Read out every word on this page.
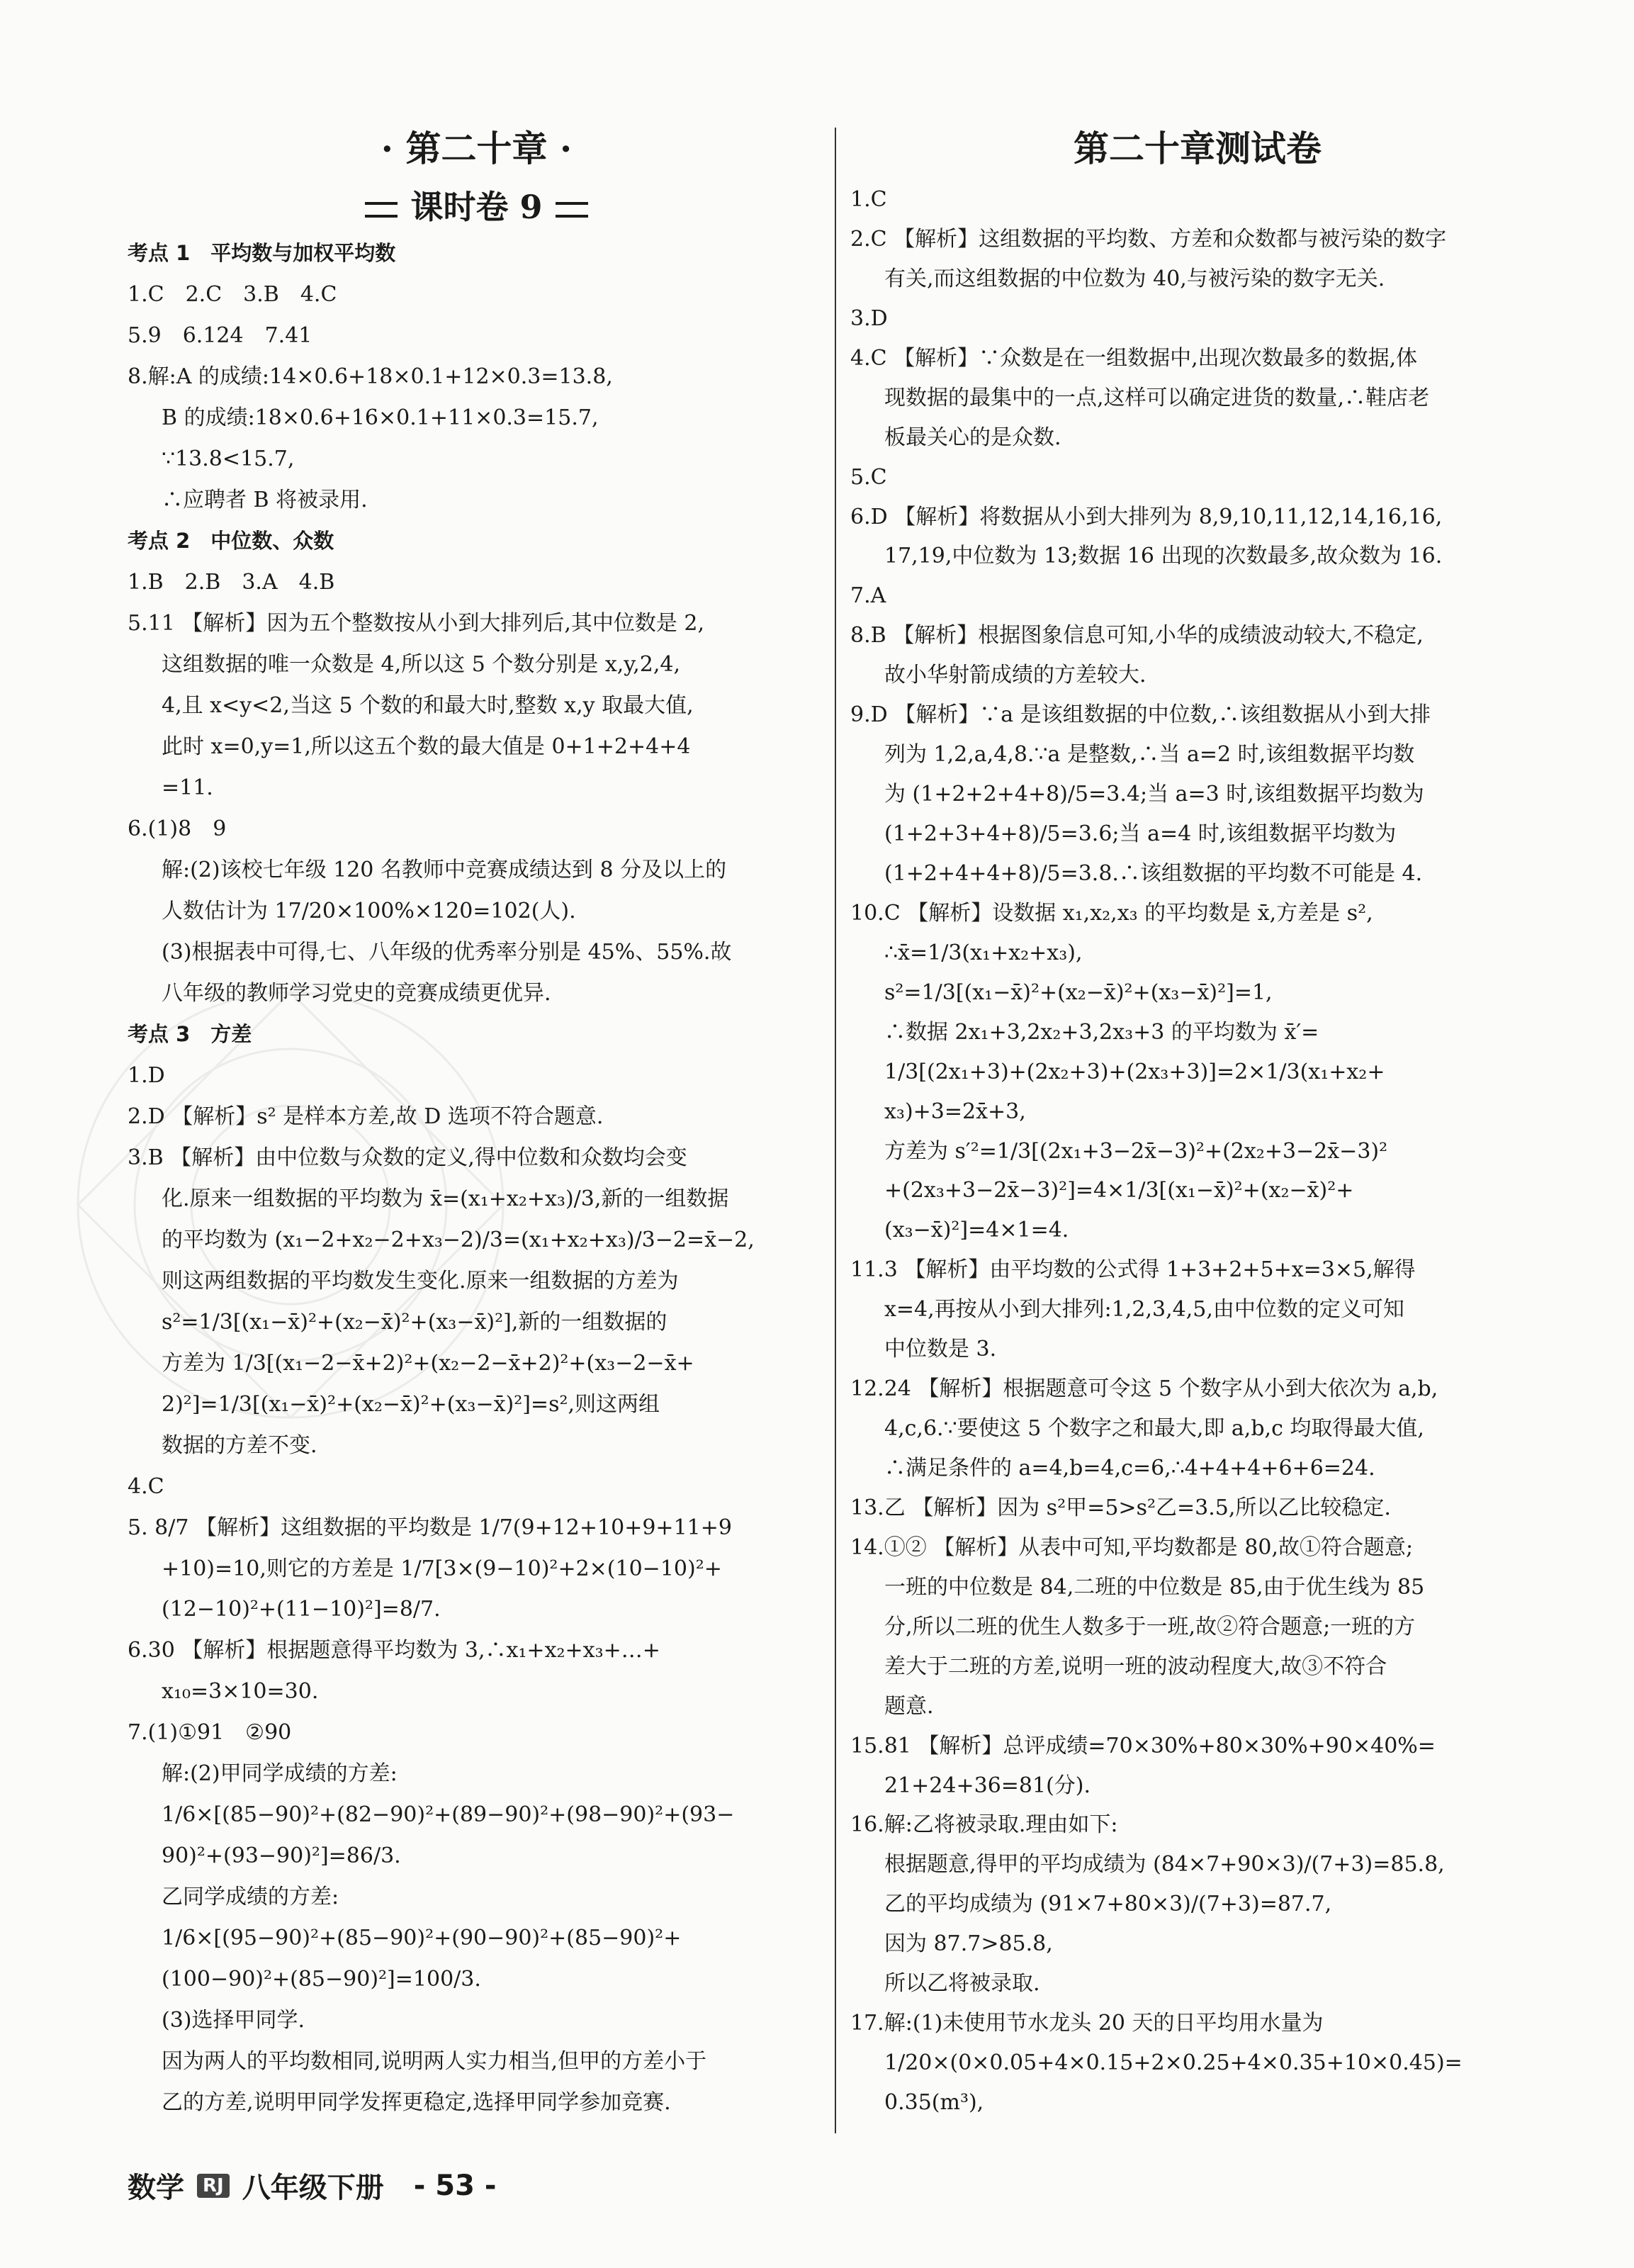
· 第二十章 ·
课时卷 9
考点 1　平均数与加权平均数
1.C　2.C　3.B　4.C
5.9　6.124　7.41
8.解:A 的成绩:14×0.6+18×0.1+12×0.3=13.8,
B 的成绩:18×0.6+16×0.1+11×0.3=15.7,
∵13.8<15.7,
∴应聘者 B 将被录用.
考点 2　中位数、众数
1.B　2.B　3.A　4.B
5.11 【解析】因为五个整数按从小到大排列后,其中位数是 2,
这组数据的唯一众数是 4,所以这 5 个数分别是 x,y,2,4,
4,且 x<y<2,当这 5 个数的和最大时,整数 x,y 取最大值,
此时 x=0,y=1,所以这五个数的最大值是 0+1+2+4+4
=11.
6.(1)8　9
解:(2)该校七年级 120 名教师中竞赛成绩达到 8 分及以上的
人数估计为 17/20×100%×120=102(人).
(3)根据表中可得,七、八年级的优秀率分别是 45%、55%.故
八年级的教师学习党史的竞赛成绩更优异.
考点 3　方差
1.D
2.D 【解析】s² 是样本方差,故 D 选项不符合题意.
3.B 【解析】由中位数与众数的定义,得中位数和众数均会变
化.原来一组数据的平均数为 x̄=(x₁+x₂+x₃)/3,新的一组数据
的平均数为 (x₁−2+x₂−2+x₃−2)/3=(x₁+x₂+x₃)/3−2=x̄−2,
则这两组数据的平均数发生变化.原来一组数据的方差为
s²=1/3[(x₁−x̄)²+(x₂−x̄)²+(x₃−x̄)²],新的一组数据的
方差为 1/3[(x₁−2−x̄+2)²+(x₂−2−x̄+2)²+(x₃−2−x̄+
2)²]=1/3[(x₁−x̄)²+(x₂−x̄)²+(x₃−x̄)²]=s²,则这两组
数据的方差不变.
4.C
5. 8/7 【解析】这组数据的平均数是 1/7(9+12+10+9+11+9
+10)=10,则它的方差是 1/7[3×(9−10)²+2×(10−10)²+
(12−10)²+(11−10)²]=8/7.
6.30 【解析】根据题意得平均数为 3,∴x₁+x₂+x₃+…+
x₁₀=3×10=30.
7.(1)①91　②90
解:(2)甲同学成绩的方差:
1/6×[(85−90)²+(82−90)²+(89−90)²+(98−90)²+(93−
90)²+(93−90)²]=86/3.
乙同学成绩的方差:
1/6×[(95−90)²+(85−90)²+(90−90)²+(85−90)²+
(100−90)²+(85−90)²]=100/3.
(3)选择甲同学.
因为两人的平均数相同,说明两人实力相当,但甲的方差小于
乙的方差,说明甲同学发挥更稳定,选择甲同学参加竞赛.
第二十章测试卷
1.C
2.C 【解析】这组数据的平均数、方差和众数都与被污染的数字
有关,而这组数据的中位数为 40,与被污染的数字无关.
3.D
4.C 【解析】∵众数是在一组数据中,出现次数最多的数据,体
现数据的最集中的一点,这样可以确定进货的数量,∴鞋店老
板最关心的是众数.
5.C
6.D 【解析】将数据从小到大排列为 8,9,10,11,12,14,16,16,
17,19,中位数为 13;数据 16 出现的次数最多,故众数为 16.
7.A
8.B 【解析】根据图象信息可知,小华的成绩波动较大,不稳定,
故小华射箭成绩的方差较大.
9.D 【解析】∵a 是该组数据的中位数,∴该组数据从小到大排
列为 1,2,a,4,8.∵a 是整数,∴当 a=2 时,该组数据平均数
为 (1+2+2+4+8)/5=3.4;当 a=3 时,该组数据平均数为
(1+2+3+4+8)/5=3.6;当 a=4 时,该组数据平均数为
(1+2+4+4+8)/5=3.8.∴该组数据的平均数不可能是 4.
10.C 【解析】设数据 x₁,x₂,x₃ 的平均数是 x̄,方差是 s²,
∴x̄=1/3(x₁+x₂+x₃),
s²=1/3[(x₁−x̄)²+(x₂−x̄)²+(x₃−x̄)²]=1,
∴数据 2x₁+3,2x₂+3,2x₃+3 的平均数为 x̄′=
1/3[(2x₁+3)+(2x₂+3)+(2x₃+3)]=2×1/3(x₁+x₂+
x₃)+3=2x̄+3,
方差为 s′²=1/3[(2x₁+3−2x̄−3)²+(2x₂+3−2x̄−3)²
+(2x₃+3−2x̄−3)²]=4×1/3[(x₁−x̄)²+(x₂−x̄)²+
(x₃−x̄)²]=4×1=4.
11.3 【解析】由平均数的公式得 1+3+2+5+x=3×5,解得
x=4,再按从小到大排列:1,2,3,4,5,由中位数的定义可知
中位数是 3.
12.24 【解析】根据题意可令这 5 个数字从小到大依次为 a,b,
4,c,6.∵要使这 5 个数字之和最大,即 a,b,c 均取得最大值,
∴满足条件的 a=4,b=4,c=6,∴4+4+4+6+6=24.
13.乙 【解析】因为 s²甲=5>s²乙=3.5,所以乙比较稳定.
14.①② 【解析】从表中可知,平均数都是 80,故①符合题意;
一班的中位数是 84,二班的中位数是 85,由于优生线为 85
分,所以二班的优生人数多于一班,故②符合题意;一班的方
差大于二班的方差,说明一班的波动程度大,故③不符合
题意.
15.81 【解析】总评成绩=70×30%+80×30%+90×40%=
21+24+36=81(分).
16.解:乙将被录取.理由如下:
根据题意,得甲的平均成绩为 (84×7+90×3)/(7+3)=85.8,
乙的平均成绩为 (91×7+80×3)/(7+3)=87.7,
因为 87.7>85.8,
所以乙将被录取.
17.解:(1)未使用节水龙头 20 天的日平均用水量为
1/20×(0×0.05+4×0.15+2×0.25+4×0.35+10×0.45)=
0.35(m³),
数学	RJ 八年级下册 - 53 -
